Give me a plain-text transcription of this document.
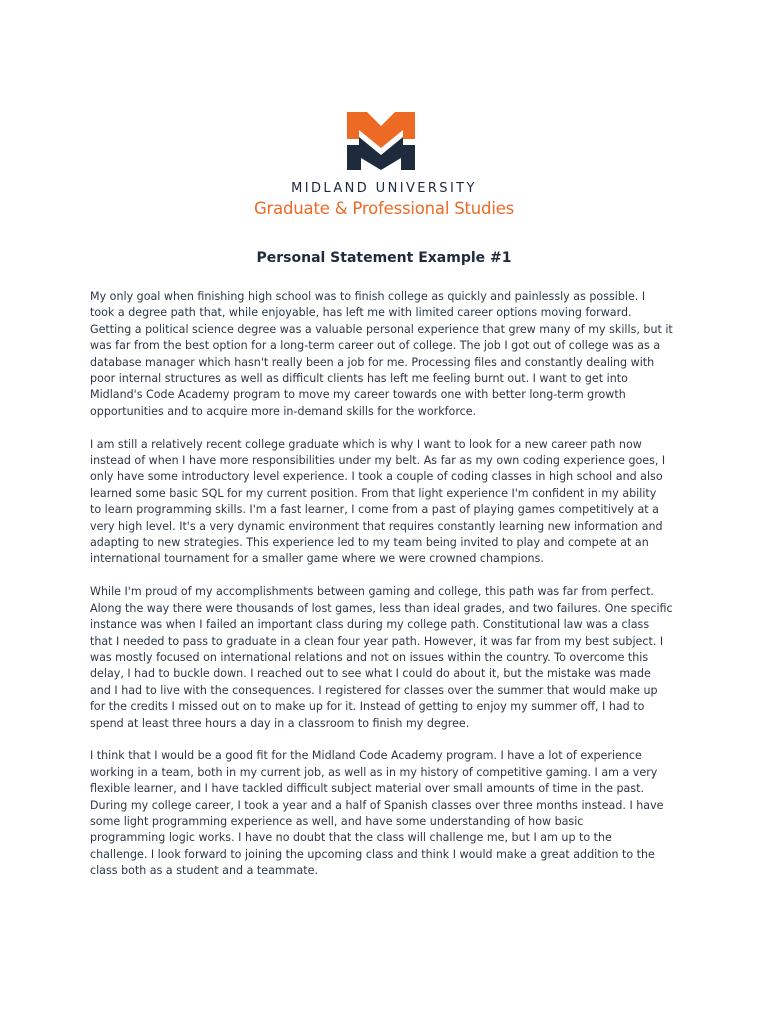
MIDLAND UNIVERSITY
Graduate & Professional Studies
Personal Statement Example #1

My only goal when finishing high school was to finish college as quickly and painlessly as possible. I
took a degree path that, while enjoyable, has left me with limited career options moving forward.
Getting a political science degree was a valuable personal experience that grew many of my skills, but it
was far from the best option for a long-term career out of college. The job I got out of college was as a
database manager which hasn't really been a job for me. Processing files and constantly dealing with
poor internal structures as well as difficult clients has left me feeling burnt out. I want to get into
Midland's Code Academy program to move my career towards one with better long-term growth
opportunities and to acquire more in-demand skills for the workforce.

I am still a relatively recent college graduate which is why I want to look for a new career path now
instead of when I have more responsibilities under my belt. As far as my own coding experience goes, I
only have some introductory level experience. I took a couple of coding classes in high school and also
learned some basic SQL for my current position. From that light experience I'm confident in my ability
to learn programming skills. I'm a fast learner, I come from a past of playing games competitively at a
very high level. It's a very dynamic environment that requires constantly learning new information and
adapting to new strategies. This experience led to my team being invited to play and compete at an
international tournament for a smaller game where we were crowned champions.

While I'm proud of my accomplishments between gaming and college, this path was far from perfect.
Along the way there were thousands of lost games, less than ideal grades, and two failures. One specific
instance was when I failed an important class during my college path. Constitutional law was a class
that I needed to pass to graduate in a clean four year path. However, it was far from my best subject. I
was mostly focused on international relations and not on issues within the country. To overcome this
delay, I had to buckle down. I reached out to see what I could do about it, but the mistake was made
and I had to live with the consequences. I registered for classes over the summer that would make up
for the credits I missed out on to make up for it. Instead of getting to enjoy my summer off, I had to
spend at least three hours a day in a classroom to finish my degree.

I think that I would be a good fit for the Midland Code Academy program. I have a lot of experience
working in a team, both in my current job, as well as in my history of competitive gaming. I am a very
flexible learner, and I have tackled difficult subject material over small amounts of time in the past.
During my college career, I took a year and a half of Spanish classes over three months instead. I have
some light programming experience as well, and have some understanding of how basic
programming logic works. I have no doubt that the class will challenge me, but I am up to the
challenge. I look forward to joining the upcoming class and think I would make a great addition to the
class both as a student and a teammate.
